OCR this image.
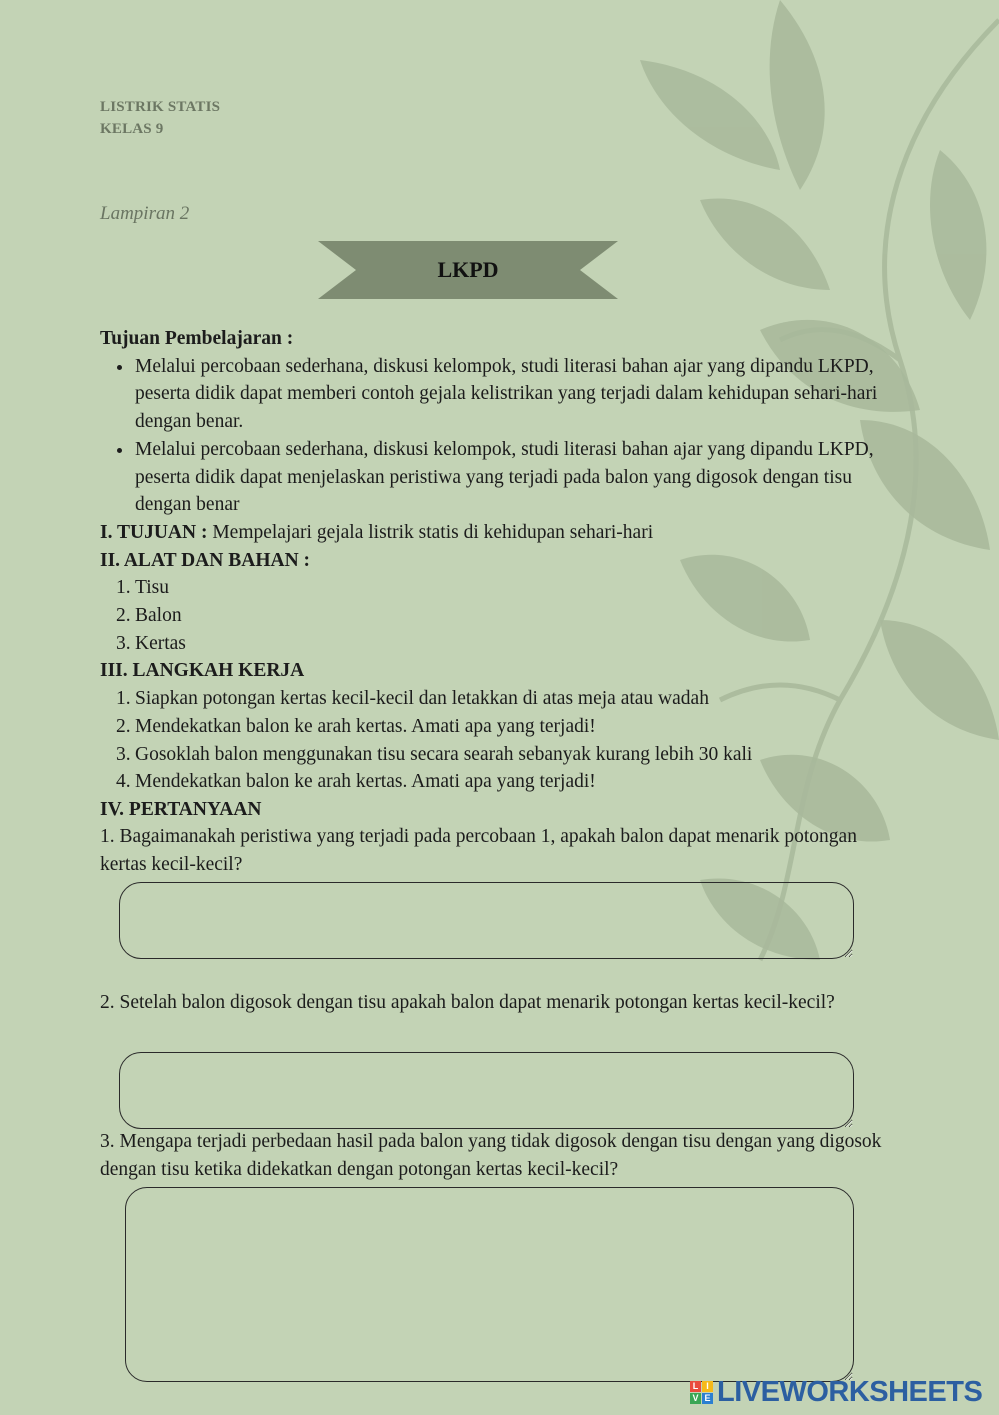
LISTRIK STATIS
KELAS 9
Lampiran 2
LKPD

Tujuan Pembelajaran :

Melalui percobaan sederhana, diskusi kelompok, studi literasi bahan ajar yang dipandu LKPD, peserta didik dapat memberi contoh gejala kelistrikan yang terjadi dalam kehidupan sehari-hari dengan benar.
Melalui percobaan sederhana, diskusi kelompok, studi literasi bahan ajar yang dipandu LKPD, peserta didik dapat menjelaskan peristiwa yang terjadi pada balon yang digosok dengan tisu dengan benar

I. TUJUAN : Mempelajari gejala listrik statis di kehidupan sehari-hari

II. ALAT DAN BAHAN :

1. Tisu
2. Balon
3. Kertas

III. LANGKAH KERJA

1. Siapkan potongan kertas kecil-kecil dan letakkan di atas meja atau wadah
2. Mendekatkan balon ke arah kertas. Amati apa yang terjadi!
3. Gosoklah balon menggunakan tisu secara searah sebanyak kurang lebih 30 kali
4. Mendekatkan balon ke arah kertas. Amati apa yang terjadi!

IV. PERTANYAAN

1. Bagaimanakah peristiwa yang terjadi pada percobaan 1, apakah balon dapat menarik potongan kertas kecil-kecil?
2. Setelah balon digosok dengan tisu apakah balon dapat menarik potongan kertas kecil-kecil?
3. Mengapa terjadi perbedaan hasil pada balon yang tidak digosok dengan tisu dengan yang digosok dengan tisu ketika didekatkan dengan potongan kertas kecil-kecil?
L I
V E LIVEWORKSHEETS
